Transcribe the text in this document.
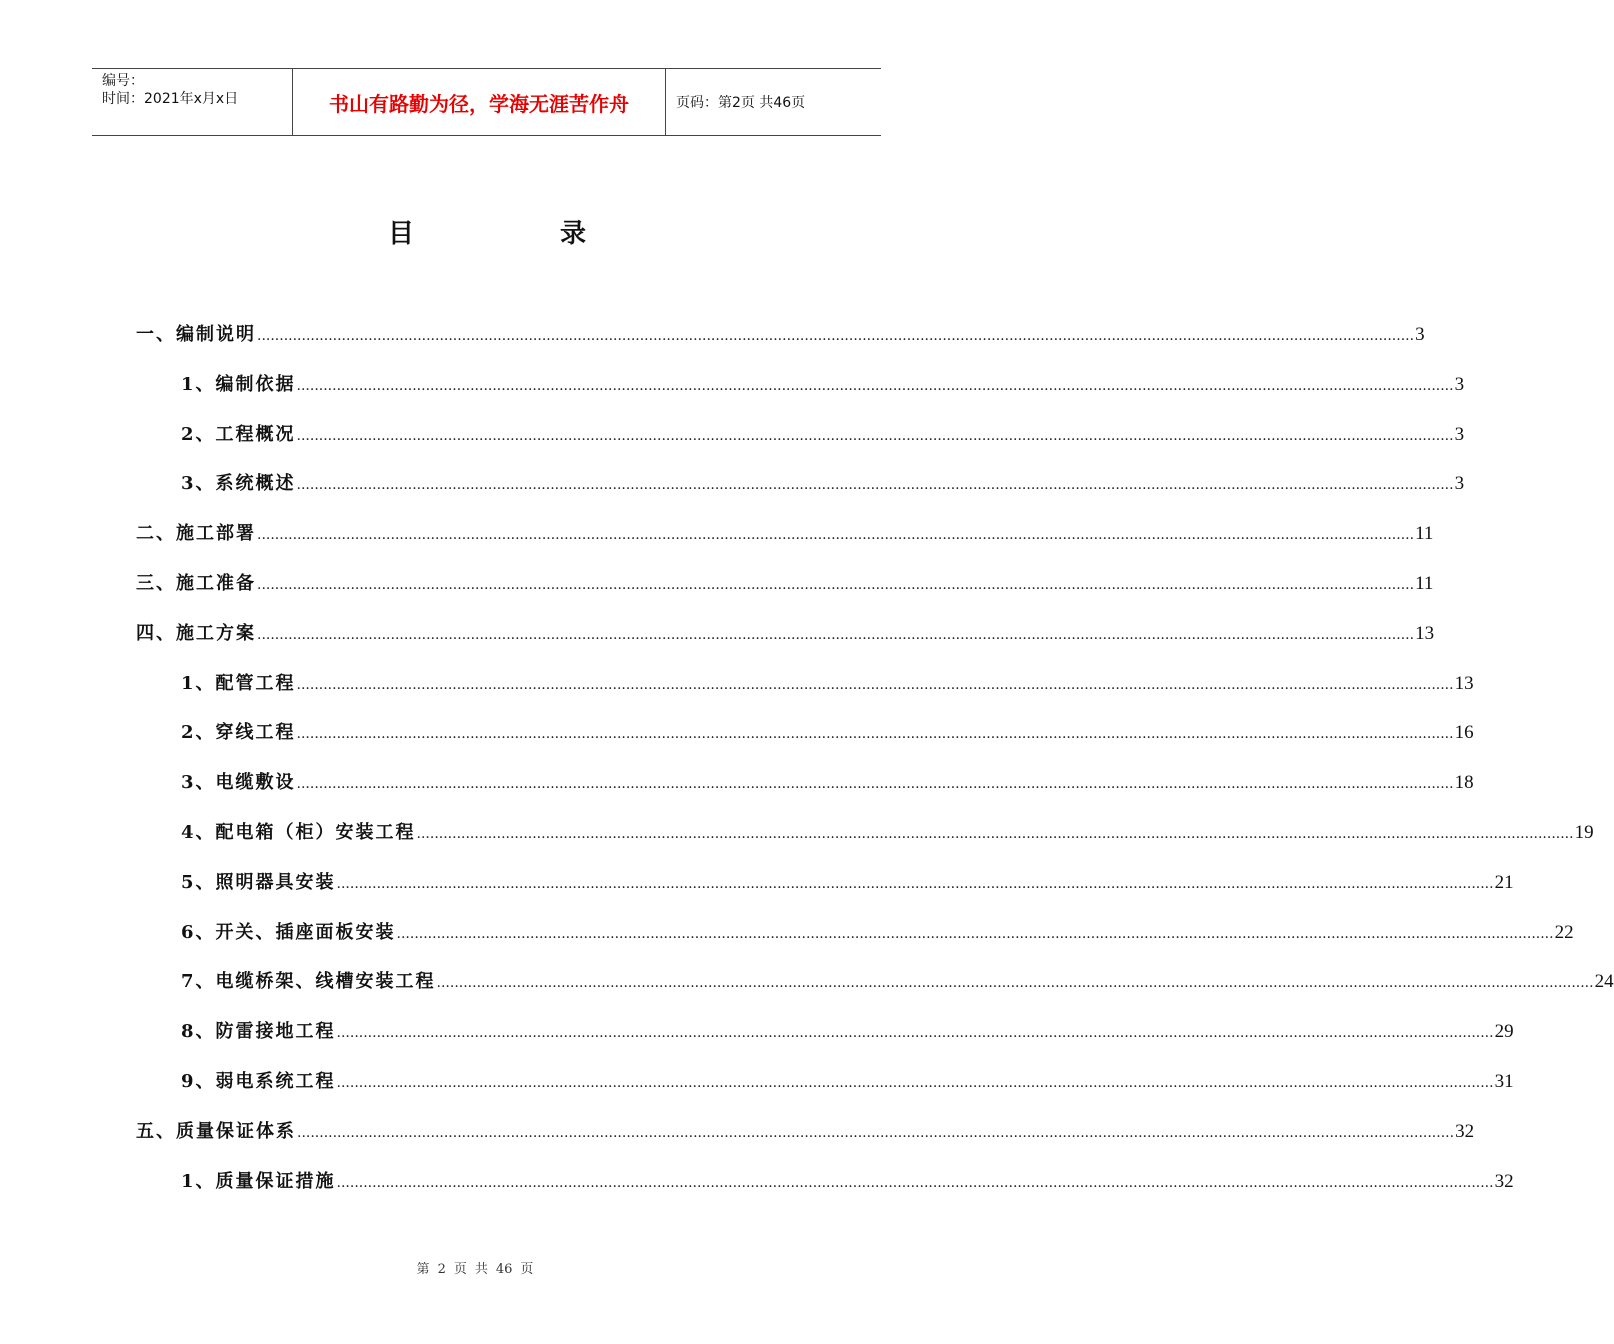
编号：
时间：2021年x月x日	书山有路勤为径，学海无涯苦作舟	页码：第2页 共46页
目	录
一、编制说明 .................................................................................................................................................................................................................................................................... 3
1、编制依据 .................................................................................................................................................................................................................................................................... 3
2、工程概况 .................................................................................................................................................................................................................................................................... 3
3、系统概述 .................................................................................................................................................................................................................................................................... 3
二、施工部署 .................................................................................................................................................................................................................................................................... 11
三、施工准备 .................................................................................................................................................................................................................................................................... 11
四、施工方案 .................................................................................................................................................................................................................................................................... 13
1、配管工程 .................................................................................................................................................................................................................................................................... 13
2、穿线工程 .................................................................................................................................................................................................................................................................... 16
3、电缆敷设 .................................................................................................................................................................................................................................................................... 18
4、配电箱（柜）安装工程 .................................................................................................................................................................................................................................................................... 19
5、照明器具安装 .................................................................................................................................................................................................................................................................... 21
6、开关、插座面板安装 .................................................................................................................................................................................................................................................................... 22
7、电缆桥架、线槽安装工程 .................................................................................................................................................................................................................................................................... 24
8、防雷接地工程 .................................................................................................................................................................................................................................................................... 29
9、弱电系统工程 .................................................................................................................................................................................................................................................................... 31
五、质量保证体系 .................................................................................................................................................................................................................................................................... 32
1、质量保证措施 .................................................................................................................................................................................................................................................................... 32
第 2 页 共 46 页
